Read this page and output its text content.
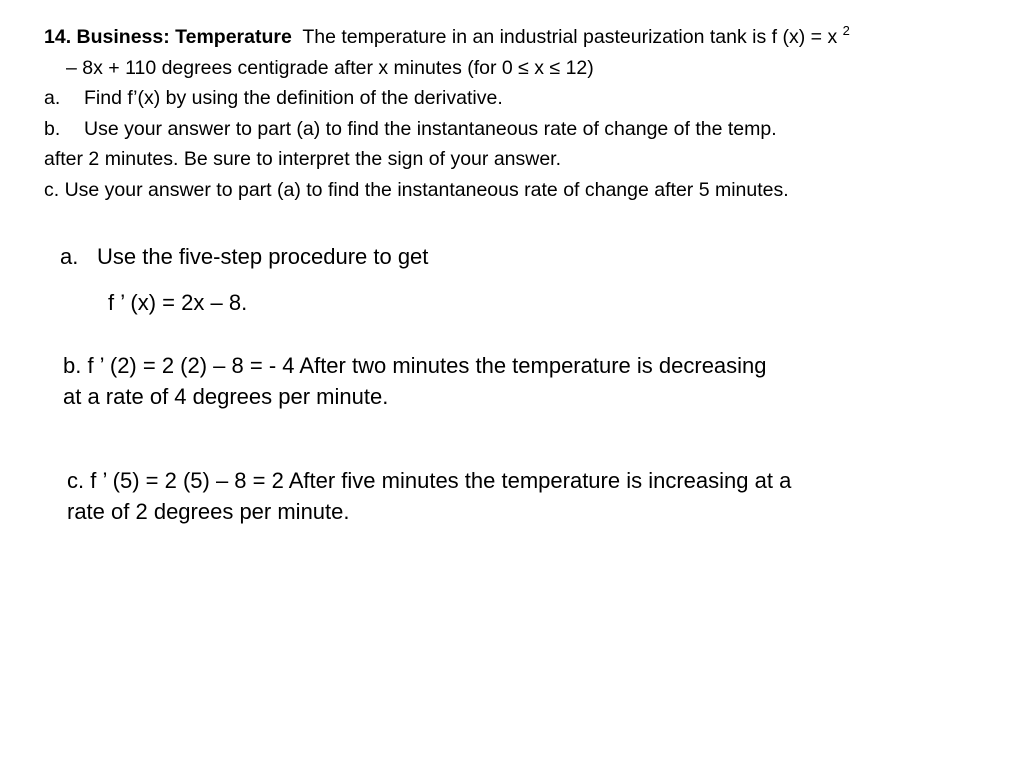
14. Business: Temperature The temperature in an industrial pasteurization tank is f (x) = x $^2$
– 8x + 110 degrees centigrade after x minutes (for 0 ≤ x ≤ 12)
a. Find f’(x) by using the definition of the derivative.
b. Use your answer to part (a) to find the instantaneous rate of change of the temp.
after 2 minutes. Be sure to interpret the sign of your answer.
c. Use your answer to part (a) to find the instantaneous rate of change after 5 minutes.
a. Use the five-step procedure to get
f ’ (x) = 2x – 8.
b. f ’ (2) = 2 (2) – 8 = - 4 After two minutes the temperature is decreasing
at a rate of 4 degrees per minute.
c. f ’ (5) = 2 (5) – 8 = 2 After five minutes the temperature is increasing at a
rate of 2 degrees per minute.
